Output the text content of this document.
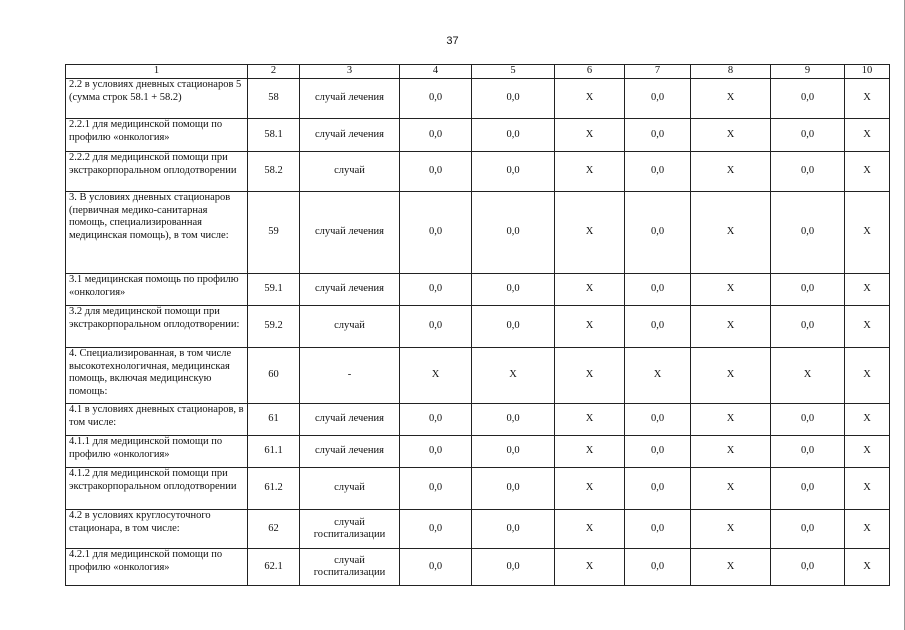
37
1	2	3	4	5	6	7	8	9	10
2.2 в условиях дневных стационаров 5 (сумма строк 58.1 + 58.2)	58	случай лечения	0,0	0,0	Х	0,0	Х	0,0	Х
2.2.1 для медицинской помощи по профилю «онкология»	58.1	случай лечения	0,0	0,0	Х	0,0	Х	0,0	Х
2.2.2 для медицинской помощи при экстракорпоральном оплодотворении	58.2	случай	0,0	0,0	Х	0,0	Х	0,0	Х
3. В условиях дневных стационаров (первичная медико-санитарная помощь, специализированная медицинская помощь), в том числе:	59	случай лечения	0,0	0,0	Х	0,0	Х	0,0	Х
3.1 медицинская помощь по профилю «онкология»	59.1	случай лечения	0,0	0,0	Х	0,0	Х	0,0	Х
3.2 для медицинской помощи при экстракорпоральном оплодотворении:	59.2	случай	0,0	0,0	Х	0,0	Х	0,0	Х
4. Специализированная, в том числе высокотехнологичная, медицинская помощь, включая медицинскую помощь:	60	-	Х	Х	Х	Х	Х	Х	Х
4.1 в условиях дневных стационаров, в том числе:	61	случай лечения	0,0	0,0	Х	0,0	Х	0,0	Х
4.1.1 для медицинской помощи по профилю «онкология»	61.1	случай лечения	0,0	0,0	Х	0,0	Х	0,0	Х
4.1.2 для медицинской помощи при экстракорпоральном оплодотворении	61.2	случай	0,0	0,0	Х	0,0	Х	0,0	Х
4.2 в условиях круглосуточного стационара, в том числе:	62	случай госпитализации	0,0	0,0	Х	0,0	Х	0,0	Х
4.2.1 для медицинской помощи по профилю «онкология»	62.1	случай госпитализации	0,0	0,0	Х	0,0	Х	0,0	Х
